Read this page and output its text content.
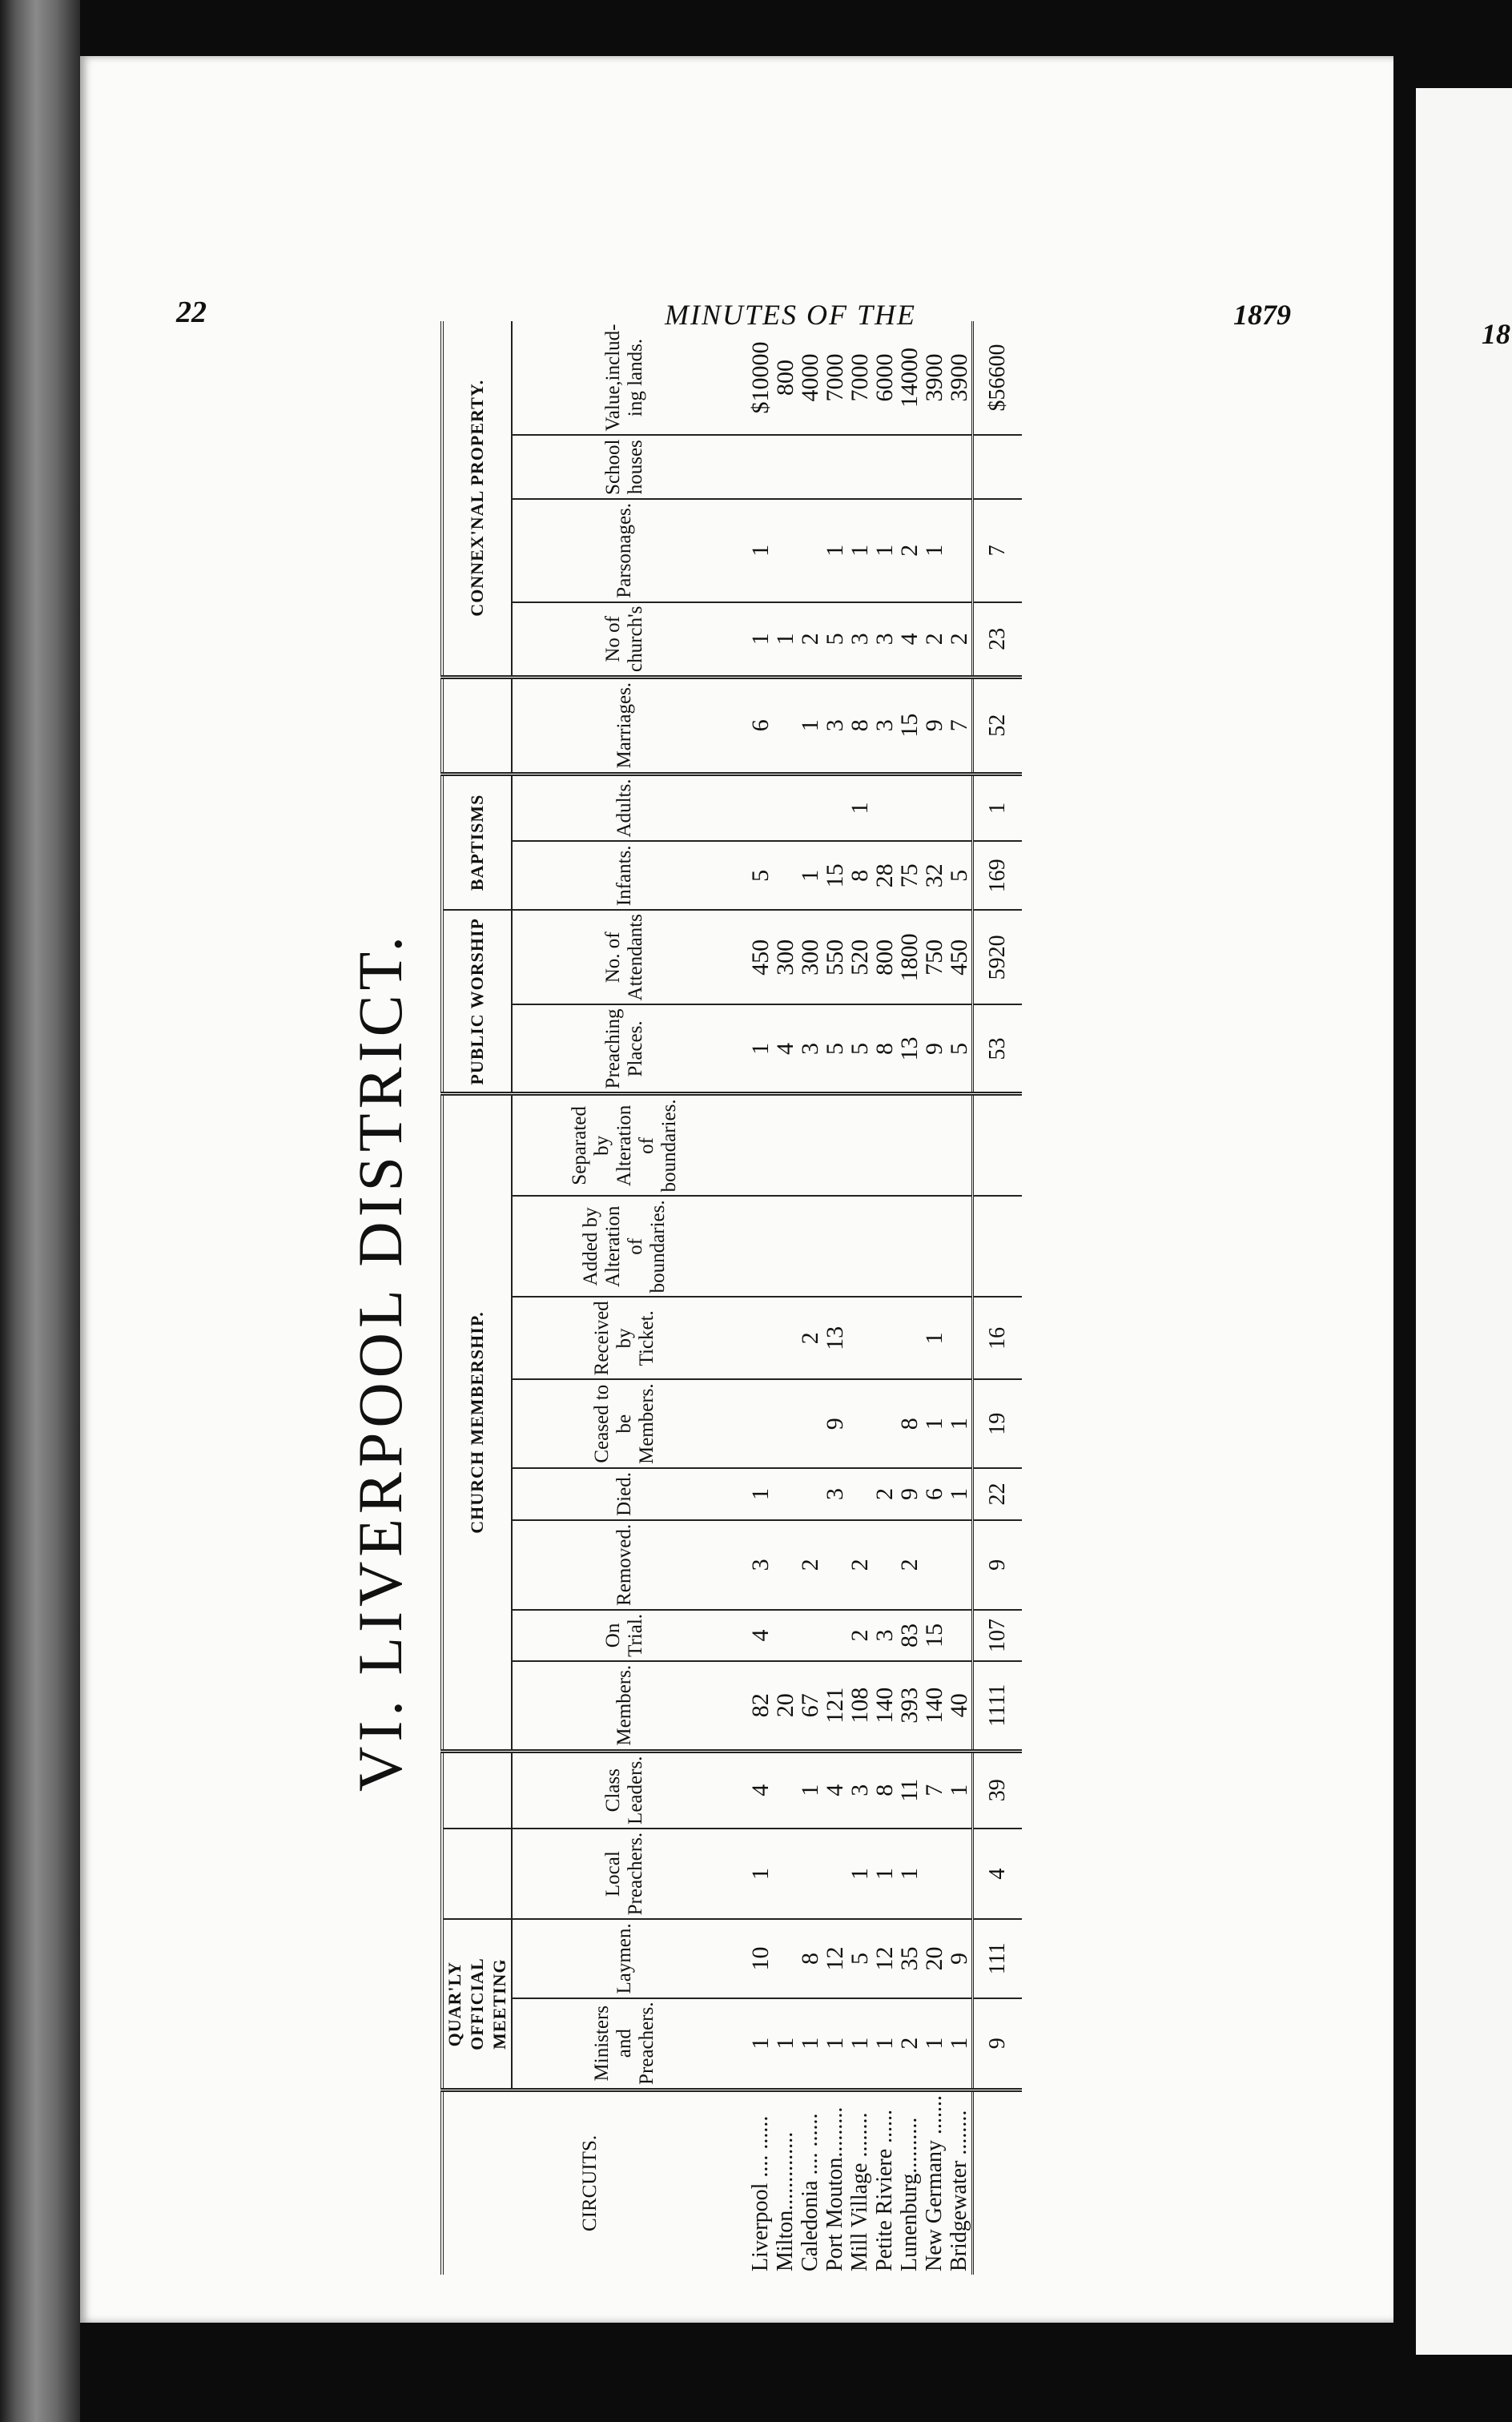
22	MINUTES OF THE	1879
18
VI. LIVERPOOL DISTRICT.
CIRCUITS.	QUAR'LY OFFICIAL MEETING				CHURCH MEMBERSHIP.								PUBLIC WORSHIP		BAPTISMS			CONNEX'NAL PROPERTY.			
	Ministers and Preachers.	Laymen.	Local Preachers.	Class Leaders.	Members.	On Trial.	Removed.	Died.	Ceased to be Members.	Received by Ticket.	Added by Alteration of boundaries.	Separated by Alteration of boundaries.	Preaching Places.	No. of Attendants	Infants.	Adults.	Marriages.	No of church's	Parsonages.	School houses	Value,includ-ing lands.
Liverpool .... ......	1	10	1	4	82	4	3	1					1	450	5		6	1	1		$10000
Milton..............	1				20								4	300				1			800
Caledonia .... ......	1	8		1	67		2			2			3	300	1		1	2			4000
Port Mouton.........	1	12		4	121			3	9	13			5	550	15		3	5	1		7000
Mill Village ........	1	5	1	3	108	2	2						5	520	8	1	8	3	1		7000
Petite Riviere ......	1	12	1	8	140	3		2					8	800	28		3	3	1		6000
Lunenburg..........	2	35	1	11	393	83	2	9	8				13	1800	75		15	4	2		14000
New Germany .......	1	20		7	140	15		6	1	1			9	750	32		9	2	1		3900
Bridgewater ........	1	9		1	40			1	1				5	450	5		7	2			3900
	9	111	4	39	1111	107	9	22	19	16			53	5920	169	1	52	23	7		$56600
